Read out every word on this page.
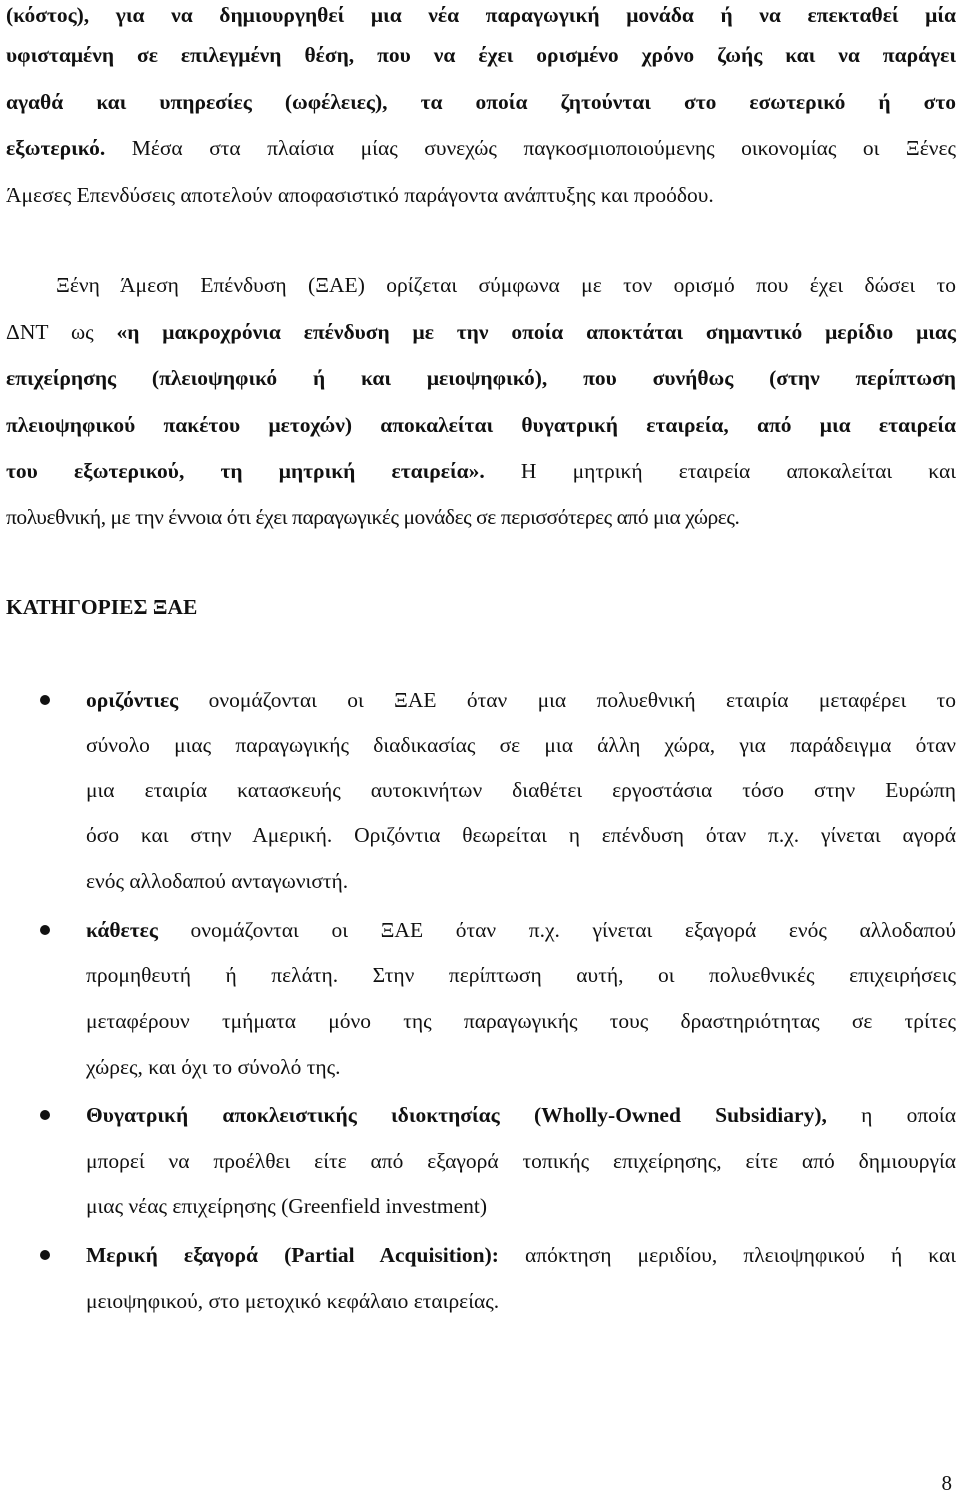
(κόστος), για να δημιουργηθεί μια νέα παραγωγική μονάδα ή να επεκταθεί μία
υφισταμένη σε επιλεγμένη θέση, που να έχει ορισμένο χρόνο ζωής και να παράγει
αγαθά και υπηρεσίες (ωφέλειες), τα οποία ζητούνται στο εσωτερικό ή στο
εξωτερικό. Μέσα στα πλαίσια μίας συνεχώς παγκοσμιοποιούμενης οικονομίας οι Ξένες
Άμεσες Επενδύσεις αποτελούν αποφασιστικό παράγοντα ανάπτυξης και προόδου.
Ξένη Άμεση Επένδυση (ΞΑΕ) ορίζεται σύμφωνα με τον ορισμό που έχει δώσει το
ΔΝΤ ως «η μακροχρόνια επένδυση με την οποία αποκτάται σημαντικό μερίδιο μιας
επιχείρησης (πλειοψηφικό ή και μειοψηφικό), που συνήθως (στην περίπτωση
πλειοψηφικού πακέτου μετοχών) αποκαλείται θυγατρική εταιρεία, από μια εταιρεία
του εξωτερικού, τη μητρική εταιρεία». Η μητρική εταιρεία αποκαλείται και
πολυεθνική, με την έννοια ότι έχει παραγωγικές μονάδες σε περισσότερες από μια χώρες.
ΚΑΤΗΓΟΡΙΕΣ ΞΑΕ
οριζόντιες ονομάζονται οι ΞΑΕ όταν μια πολυεθνική εταιρία μεταφέρει το
σύνολο μιας παραγωγικής διαδικασίας σε μια άλλη χώρα, για παράδειγμα όταν
μια εταιρία κατασκευής αυτοκινήτων διαθέτει εργοστάσια τόσο στην Ευρώπη
όσο και στην Αμερική. Οριζόντια θεωρείται η επένδυση όταν π.χ. γίνεται αγορά
ενός αλλοδαπού ανταγωνιστή.
κάθετες ονομάζονται οι ΞΑΕ όταν π.χ. γίνεται εξαγορά ενός αλλοδαπού
προμηθευτή ή πελάτη. Στην περίπτωση αυτή, οι πολυεθνικές επιχειρήσεις
μεταφέρουν τμήματα μόνο της παραγωγικής τους δραστηριότητας σε τρίτες
χώρες, και όχι το σύνολό της.
Θυγατρική αποκλειστικής ιδιοκτησίας (Wholly-Owned Subsidiary), η οποία
μπορεί να προέλθει είτε από εξαγορά τοπικής επιχείρησης, είτε από δημιουργία
μιας νέας επιχείρησης (Greenfield investment)
Μερική εξαγορά (Partial Acquisition): απόκτηση μεριδίου, πλειοψηφικού ή και
μειοψηφικού, στο μετοχικό κεφάλαιο εταιρείας.
8
